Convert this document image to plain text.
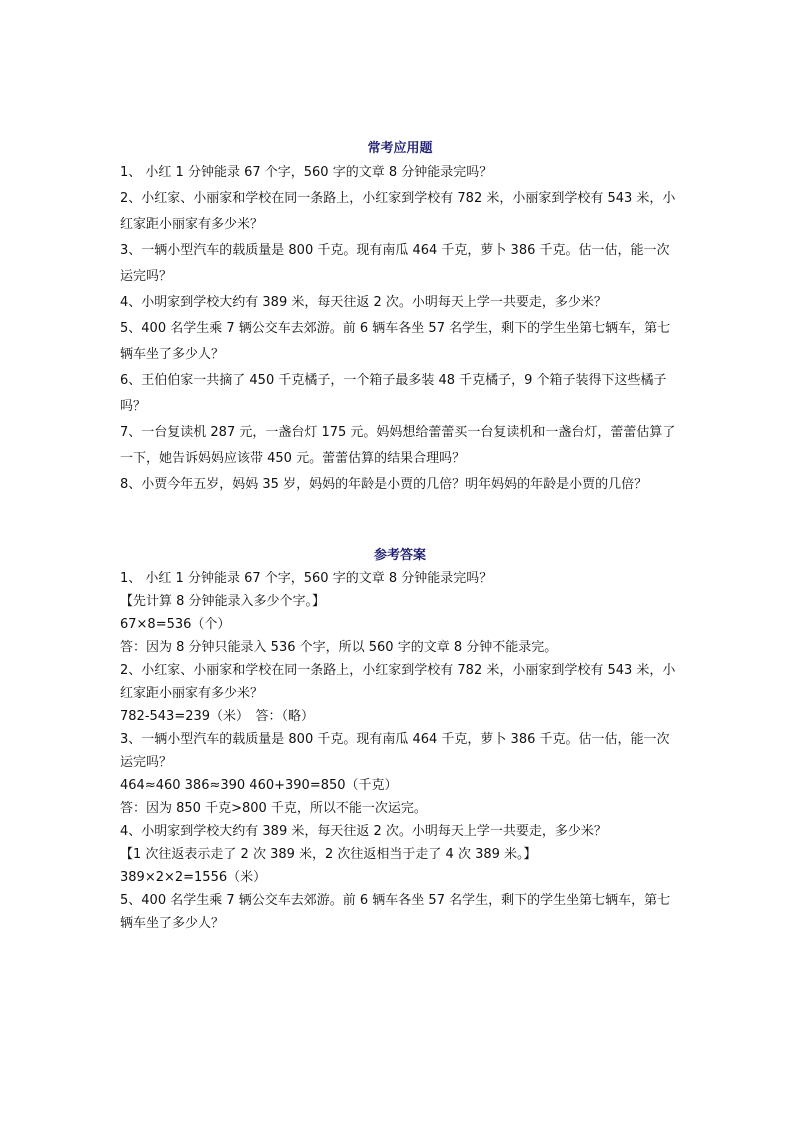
常考应用题

1、 小红 1 分钟能录 67 个字，560 字的文章 8 分钟能录完吗？

2、小红家、小丽家和学校在同一条路上，小红家到学校有 782 米，小丽家到学校有 543 米，小红家距小丽家有多少米？

3、一辆小型汽车的载质量是 800 千克。现有南瓜 464 千克，萝卜 386 千克。估一估，能一次运完吗？

4、小明家到学校大约有 389 米，每天往返 2 次。小明每天上学一共要走，多少米？

5、400 名学生乘 7 辆公交车去郊游。前 6 辆车各坐 57 名学生，剩下的学生坐第七辆车，第七辆车坐了多少人？

6、王伯伯家一共摘了 450 千克橘子，一个箱子最多装 48 千克橘子，9 个箱子装得下这些橘子吗？

7、一台复读机 287 元，一盏台灯 175 元。妈妈想给蕾蕾买一台复读机和一盏台灯，蕾蕾估算了一下，她告诉妈妈应该带 450 元。蕾蕾估算的结果合理吗？

8、小贾今年五岁，妈妈 35 岁，妈妈的年龄是小贾的几倍？明年妈妈的年龄是小贾的几倍？

参考答案

1、 小红 1 分钟能录 67 个字，560 字的文章 8 分钟能录完吗？

【先计算 8 分钟能录入多少个字。】

67×8=536（个）

答：因为 8 分钟只能录入 536 个字，所以 560 字的文章 8 分钟不能录完。

2、小红家、小丽家和学校在同一条路上，小红家到学校有 782 米，小丽家到学校有 543 米，小红家距小丽家有多少米？

782-543=239（米）　答：（略）

3、一辆小型汽车的载质量是 800 千克。现有南瓜 464 千克，萝卜 386 千克。估一估，能一次运完吗？

464≈460 386≈390 460+390=850（千克）

答：因为 850 千克>800 千克，所以不能一次运完。

4、小明家到学校大约有 389 米，每天往返 2 次。小明每天上学一共要走，多少米？

【1 次往返表示走了 2 次 389 米，2 次往返相当于走了 4 次 389 米。】

389×2×2=1556（米）

5、400 名学生乘 7 辆公交车去郊游。前 6 辆车各坐 57 名学生，剩下的学生坐第七辆车，第七辆车坐了多少人？
